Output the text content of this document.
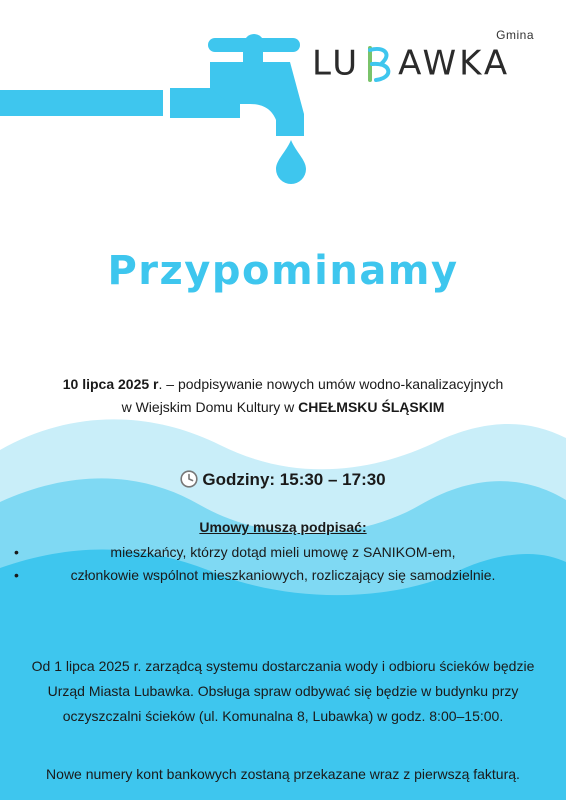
Gmina
LU AWKA
Przypominamy
10 lipca 2025 r. – podpisywanie nowych umów wodno-kanalizacyjnych
w Wiejskim Domu Kultury w CHEŁMSKU ŚLĄSKIM
Godziny: 15:30 – 17:30
Umowy muszą podpisać:
•	mieszkańcy, którzy dotąd mieli umowę z SANIKOM-em,
•	członkowie wspólnot mieszkaniowych, rozliczający się samodzielnie.
Od 1 lipca 2025 r. zarządcą systemu dostarczania wody i odbioru ścieków będzie
Urząd Miasta Lubawka. Obsługa spraw odbywać się będzie w budynku przy
oczyszczalni ścieków (ul. Komunalna 8, Lubawka) w godz. 8:00–15:00.
Nowe numery kont bankowych zostaną przekazane wraz z pierwszą fakturą.
